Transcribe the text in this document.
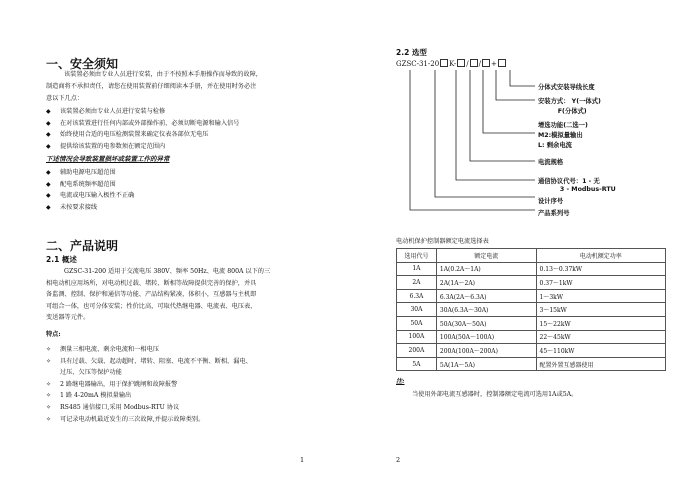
一、安全须知
该装置必须由专业人员进行安装，由于不按照本手册操作而导致的故障，
制造商将不承担责任，请您在使用装置前仔细阅读本手册，并在使用时务必注
意以下几点：
◆	该装置必须由专业人员进行安装与检修
◆	在对该装置进行任何内部或外部操作前，必须切断电源和输入信号
◆	始终使用合适的电压检测装置来确定仪表各部位无电压
◆	提供给该装置的电参数须在额定范围内
下述情况会导致装置损坏或装置工作的异常
◆	辅助电源电压超范围
◆	配电系统频率超范围
◆	电流或电压输入极性不正确
◆	未按要求接线
二、产品说明
2.1 概述
GZSC-31-200 适用于交流电压 380V、频率 50Hz、电流 800A 以下的三
相电动机应用场所，对电动机过载、堵转、断相等故障提供完善的保护，并具
备监测、控制、保护和通信等功能、产品结构紧凑，体积小，互感器与主机即
可组合一体，也可分体安装；性价比高，可取代热继电器、电流表、电压表、
变送器等元件。
特点:
✧	测量三相电流、剩余电流和一相电压
✧	具有过载、欠载、起动超时、堵转、阻塞、电流不平衡、断相、漏电、
过压、欠压等保护功能
✧	2 路继电器输出，用于保护跳闸和故障报警
✧	1 路 4-20mA 模拟量输出
✧	RS485 通信接口,采用 Modbus-RTU 协议
✧	可记录电动机最近发生的三次故障,并提示故障类别。
1
2.2 选型
GZSC-31-20 K- / / +
分体式安装导线长度
安装方式： Y(一体式)
F(分体式)
增选功能(二选一)
M2:模拟量输出
L: 剩余电流
电流规格
通信协议代号：1 - 无
3 - Modbus-RTU
设计序号
产品系列号
电动机保护控制器额定电流选择表
选用代号	额定电流	电动机额定功率
1A	1A(0.2A～1A)	0.13～0.37kW
2A	2A(1A～2A)	0.37～1kW
6.3A	6.3A(2A～6.3A)	1～3kW
30A	30A(6.3A～30A)	3～15kW
50A	50A(30A～50A)	15～22kW
100A	100A(50A～100A)	22～45kW
200A	200A(100A～200A)	45～110kW
5A	5A(1A～5A)	配置外置互感器使用
注:
当使用外部电流互感器时，控制器额定电流可选用1A或5A。
2
